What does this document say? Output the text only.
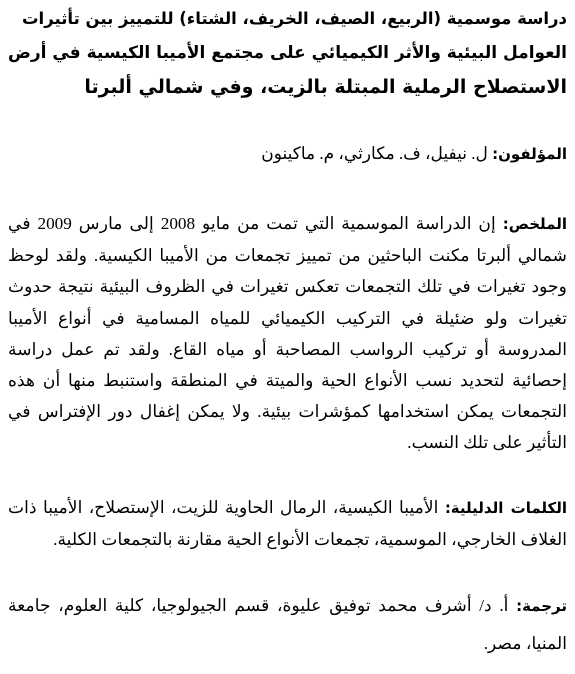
دراسة موسمية (الربيع، الصيف، الخريف، الشتاء) للتمييز بين تأثيرات
العوامل البيئية والأثر الكيميائي على مجتمع الأميبا الكيسية في أرض
الاستصلاح الرملية المبتلة بالزيت، وفي شمالي ألبرتا
المؤلفون: ل. نيفيل، ف. مكارثي، م. ماكينون
الملخص: إن الدراسة الموسمية التي تمت من مايو 2008 إلى مارس 2009 في شمالي ألبرتا مكنت الباحثين من تمييز تجمعات من الأميبا الكيسية. ولقد لوحظ وجود تغيرات في تلك التجمعات تعكس تغيرات في الظروف البيئية نتيجة حدوث تغيرات ولو ضئيلة في التركيب الكيميائي للمياه المسامية في أنواع الأميبا المدروسة أو تركيب الرواسب المصاحبة أو مياه القاع. ولقد تم عمل دراسة إحصائية لتحديد نسب الأنواع الحية والميتة في المنطقة واستنبط منها أن هذه التجمعات يمكن استخدامها كمؤشرات بيئية. ولا يمكن إغفال دور الإفتراس في التأثير على تلك النسب.
الكلمات الدليلية: الأميبا الكيسية، الرمال الحاوية للزيت، الإستصلاح، الأميبا ذات الغلاف الخارجي، الموسمية، تجمعات الأنواع الحية مقارنة بالتجمعات الكلية.
ترجمة: أ. د/ أشرف محمد توفيق عليوة، قسم الجيولوجيا، كلية العلوم، جامعة المنيا، مصر.
